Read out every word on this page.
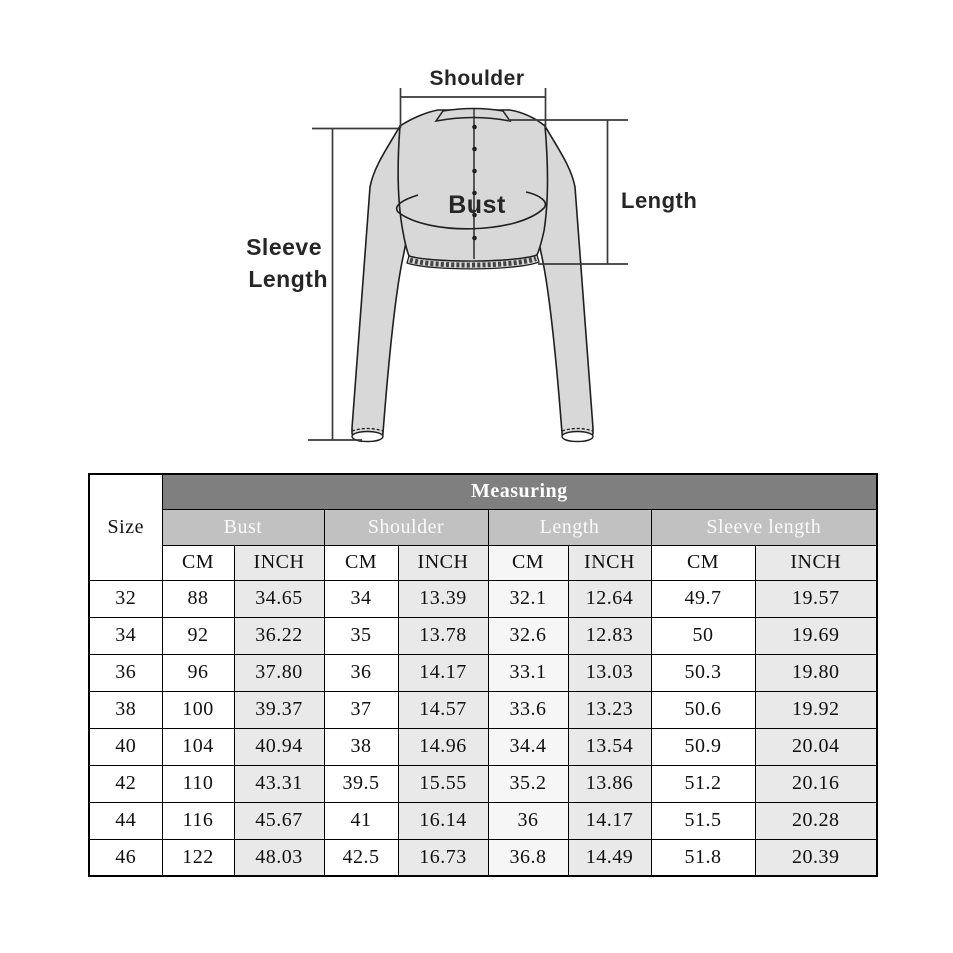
Shoulder
Bust	Length
Sleeve
Length
Size	Measuring							
	Bust		Shoulder		Length		Sleeve length	
	CM	INCH	CM	INCH	CM	INCH	CM	INCH
32	88	34.65	34	13.39	32.1	12.64	49.7	19.57
34	92	36.22	35	13.78	32.6	12.83	50	19.69
36	96	37.80	36	14.17	33.1	13.03	50.3	19.80
38	100	39.37	37	14.57	33.6	13.23	50.6	19.92
40	104	40.94	38	14.96	34.4	13.54	50.9	20.04
42	110	43.31	39.5	15.55	35.2	13.86	51.2	20.16
44	116	45.67	41	16.14	36	14.17	51.5	20.28
46	122	48.03	42.5	16.73	36.8	14.49	51.8	20.39
